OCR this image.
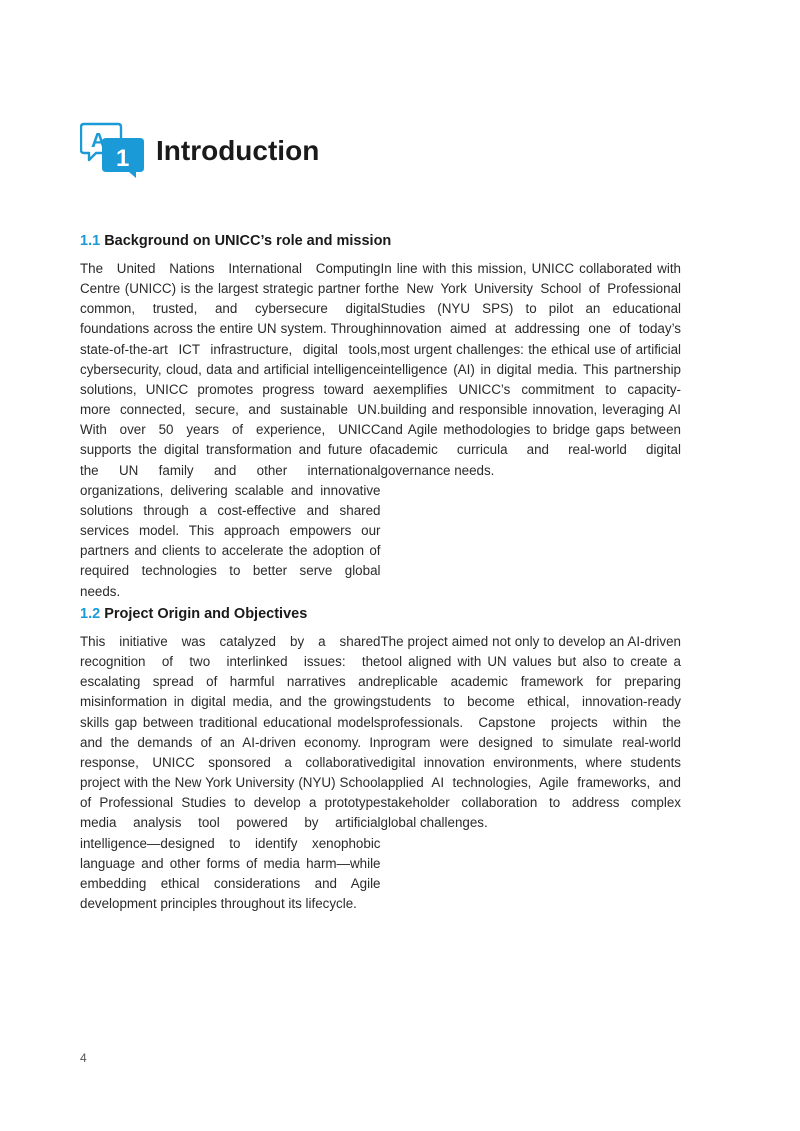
A
1 Introduction
1.1 Background on UNICC’s role and mission

The United Nations International Computing Centre (UNICC) is the largest strategic partner for common, trusted, and cybersecure digital foundations across the entire UN system. Through state-of-the-art ICT infrastructure, digital tools, cybersecurity, cloud, data and artificial intelligence solutions, UNICC promotes progress toward a more connected, secure, and sustainable UN. With over 50 years of experience, UNICC supports the digital transformation and future of the UN family and other international organizations, delivering scalable and innovative solutions through a cost-effective and shared services model. This approach empowers our partners and clients to accelerate the adoption of required technologies to better serve global needs.

In line with this mission, UNICC collaborated with the New York University School of Professional Studies (NYU SPS) to pilot an educational innovation aimed at addressing one of today’s most urgent challenges: the ethical use of artificial intelligence (AI) in digital media. This partnership exemplifies UNICC’s commitment to capacity-building and responsible innovation, leveraging AI and Agile methodologies to bridge gaps between academic curricula and real-world digital governance needs.

1.2 Project Origin and Objectives

This initiative was catalyzed by a shared recognition of two interlinked issues: the escalating spread of harmful narratives and misinformation in digital media, and the growing skills gap between traditional educational models and the demands of an AI-driven economy. In response, UNICC sponsored a collaborative project with the New York University (NYU) School of Professional Studies to develop a prototype media analysis tool powered by artificial intelligence—designed to identify xenophobic language and other forms of media harm—while embedding ethical considerations and Agile development principles throughout its lifecycle.

The project aimed not only to develop an AI-driven tool aligned with UN values but also to create a replicable academic framework for preparing students to become ethical, innovation-ready professionals. Capstone projects within the program were designed to simulate real-world digital innovation environments, where students applied AI technologies, Agile frameworks, and stakeholder collaboration to address complex global challenges.

4
